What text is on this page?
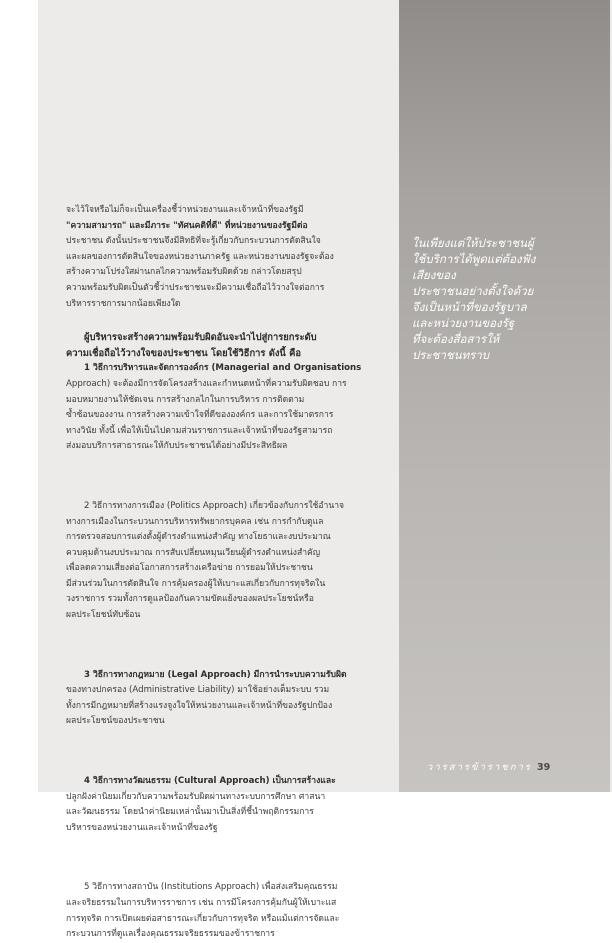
จะไว้ใจหรือไม่ก็จะเป็นเครื่องชี้ว่าหน่วยงานและเจ้าหน้าที่ของรัฐมี
"ความสามารถ" และมีภาระ "ทัศนคติที่ดี" ที่หน่วยงานของรัฐมีต่อ
ประชาชน ดังนั้นประชาชนจึงมีสิทธิที่จะรู้เกี่ยวกับกระบวนการตัดสินใจ
และผลของการตัดสินใจของหน่วยงานภาครัฐ และหน่วยงานของรัฐจะต้อง
สร้างความโปร่งใสผ่านกลไกความพร้อมรับผิดด้วย กล่าวโดยสรุป
ความพร้อมรับผิดเป็นตัวชี้ว่าประชาชนจะมีความเชื่อถือไว้วางใจต่อการ
บริหารราชการมากน้อยเพียงใด
ผู้บริหารจะสร้างความพร้อมรับผิดอันจะนำไปสู่การยกระดับ
ความเชื่อถือไว้วางใจของประชาชน โดยใช้วิธีการ ดังนี้ คือ
1 วิธีการบริหารและจัดการองค์กร (Managerial and Organisations
Approach) จะต้องมีการจัดโครงสร้างและกำหนดหน้าที่ความรับผิดชอบ การ
มอบหมายงานให้ชัดเจน การสร้างกลไกในการบริหาร การติดตาม
ซ้ำซ้อนของงาน การสร้างความเข้าใจที่ดีขององค์กร และการใช้มาตรการ
ทางวินัย ทั้งนี้ เพื่อให้เป็นไปตามส่วนราชการและเจ้าหน้าที่ของรัฐสามารถ
ส่งมอบบริการสาธารณะให้กับประชาชนได้อย่างมีประสิทธิผล
2 วิธีการทางการเมือง (Politics Approach) เกี่ยวข้องกับการใช้อำนาจ
ทางการเมืองในกระบวนการบริหารทรัพยากรบุคคล เช่น การกำกับดูแล
การตรวจสอบการแต่งตั้งผู้ดำรงตำแหน่งสำคัญ ทางโยธาและงบประมาณ
ควบคุมด้านงบประมาณ การสับเปลี่ยนหมุนเวียนผู้ดำรงตำแหน่งสำคัญ
เพื่อลดความเสี่ยงต่อโอกาสการสร้างเครือข่าย การยอมให้ประชาชน
มีส่วนร่วมในการตัดสินใจ การคุ้มครองผู้ให้เบาะแสเกี่ยวกับการทุจริตใน
วงราชการ รวมทั้งการดูแลป้องกันความขัดแย้งของผลประโยชน์หรือ
ผลประโยชน์ทับซ้อน
3 วิธีการทางกฎหมาย (Legal Approach) มีการนำระบบความรับผิด
ของทางปกครอง (Administrative Liability) มาใช้อย่างเต็มระบบ รวม
ทั้งการมีกฎหมายที่สร้างแรงจูงใจให้หน่วยงานและเจ้าหน้าที่ของรัฐปกป้อง
ผลประโยชน์ของประชาชน
4 วิธีการทางวัฒนธรรม (Cultural Approach) เป็นการสร้างและ
ปลูกฝังค่านิยมเกี่ยวกับความพร้อมรับผิดผ่านทางระบบการศึกษา ศาสนา
และวัฒนธรรม โดยนำค่านิยมเหล่านั้นมาเป็นสิ่งที่ชี้นำพฤติกรรมการ
บริหารของหน่วยงานและเจ้าหน้าที่ของรัฐ
5 วิธีการทางสถาบัน (Institutions Approach) เพื่อส่งเสริมคุณธรรม
และจริยธรรมในการบริหารราชการ เช่น การมีโครงการคุ้มกันผู้ให้เบาะแส
การทุจริต การเปิดเผยต่อสาธารณะเกี่ยวกับการทุจริต หรือแม้แต่การจัดและ
กระบวนการที่ดูแลเรื่องคุณธรรมจริยธรรมของข้าราชการ
ในเพียงแต่ให้ประชาชนผู้
ใช้บริการได้พูดแต่ต้องฟัง
เสียงของ
ประชาชนอย่างตั้งใจด้วย
จึงเป็นหน้าที่ของรัฐบาล
และหน่วยงานของรัฐ
ที่จะต้องสื่อสารให้
ประชาชนทราบ
วารสารข้าราชการ 39
